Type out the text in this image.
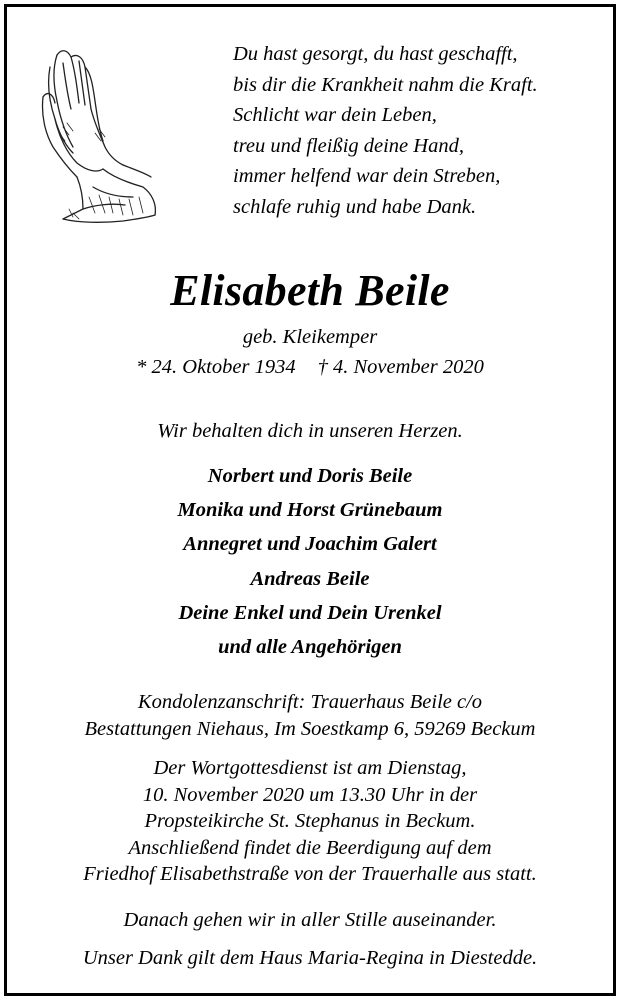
Du hast gesorgt, du hast geschafft,
bis dir die Krankheit nahm die Kraft.
Schlicht war dein Leben,
treu und fleißig deine Hand,
immer helfend war dein Streben,
schlafe ruhig und habe Dank.
Elisabeth Beile
geb. Kleikemper
* 24. Oktober 1934 † 4. November 2020
Wir behalten dich in unseren Herzen.
Norbert und Doris Beile
Monika und Horst Grünebaum
Annegret und Joachim Galert
Andreas Beile
Deine Enkel und Dein Urenkel
und alle Angehörigen
Kondolenzanschrift: Trauerhaus Beile c/o
Bestattungen Niehaus, Im Soestkamp 6, 59269 Beckum
Der Wortgottesdienst ist am Dienstag,
10. November 2020 um 13.30 Uhr in der
Propsteikirche St. Stephanus in Beckum.
Anschließend findet die Beerdigung auf dem
Friedhof Elisabethstraße von der Trauerhalle aus statt.
Danach gehen wir in aller Stille auseinander.
Unser Dank gilt dem Haus Maria-Regina in Diestedde.
